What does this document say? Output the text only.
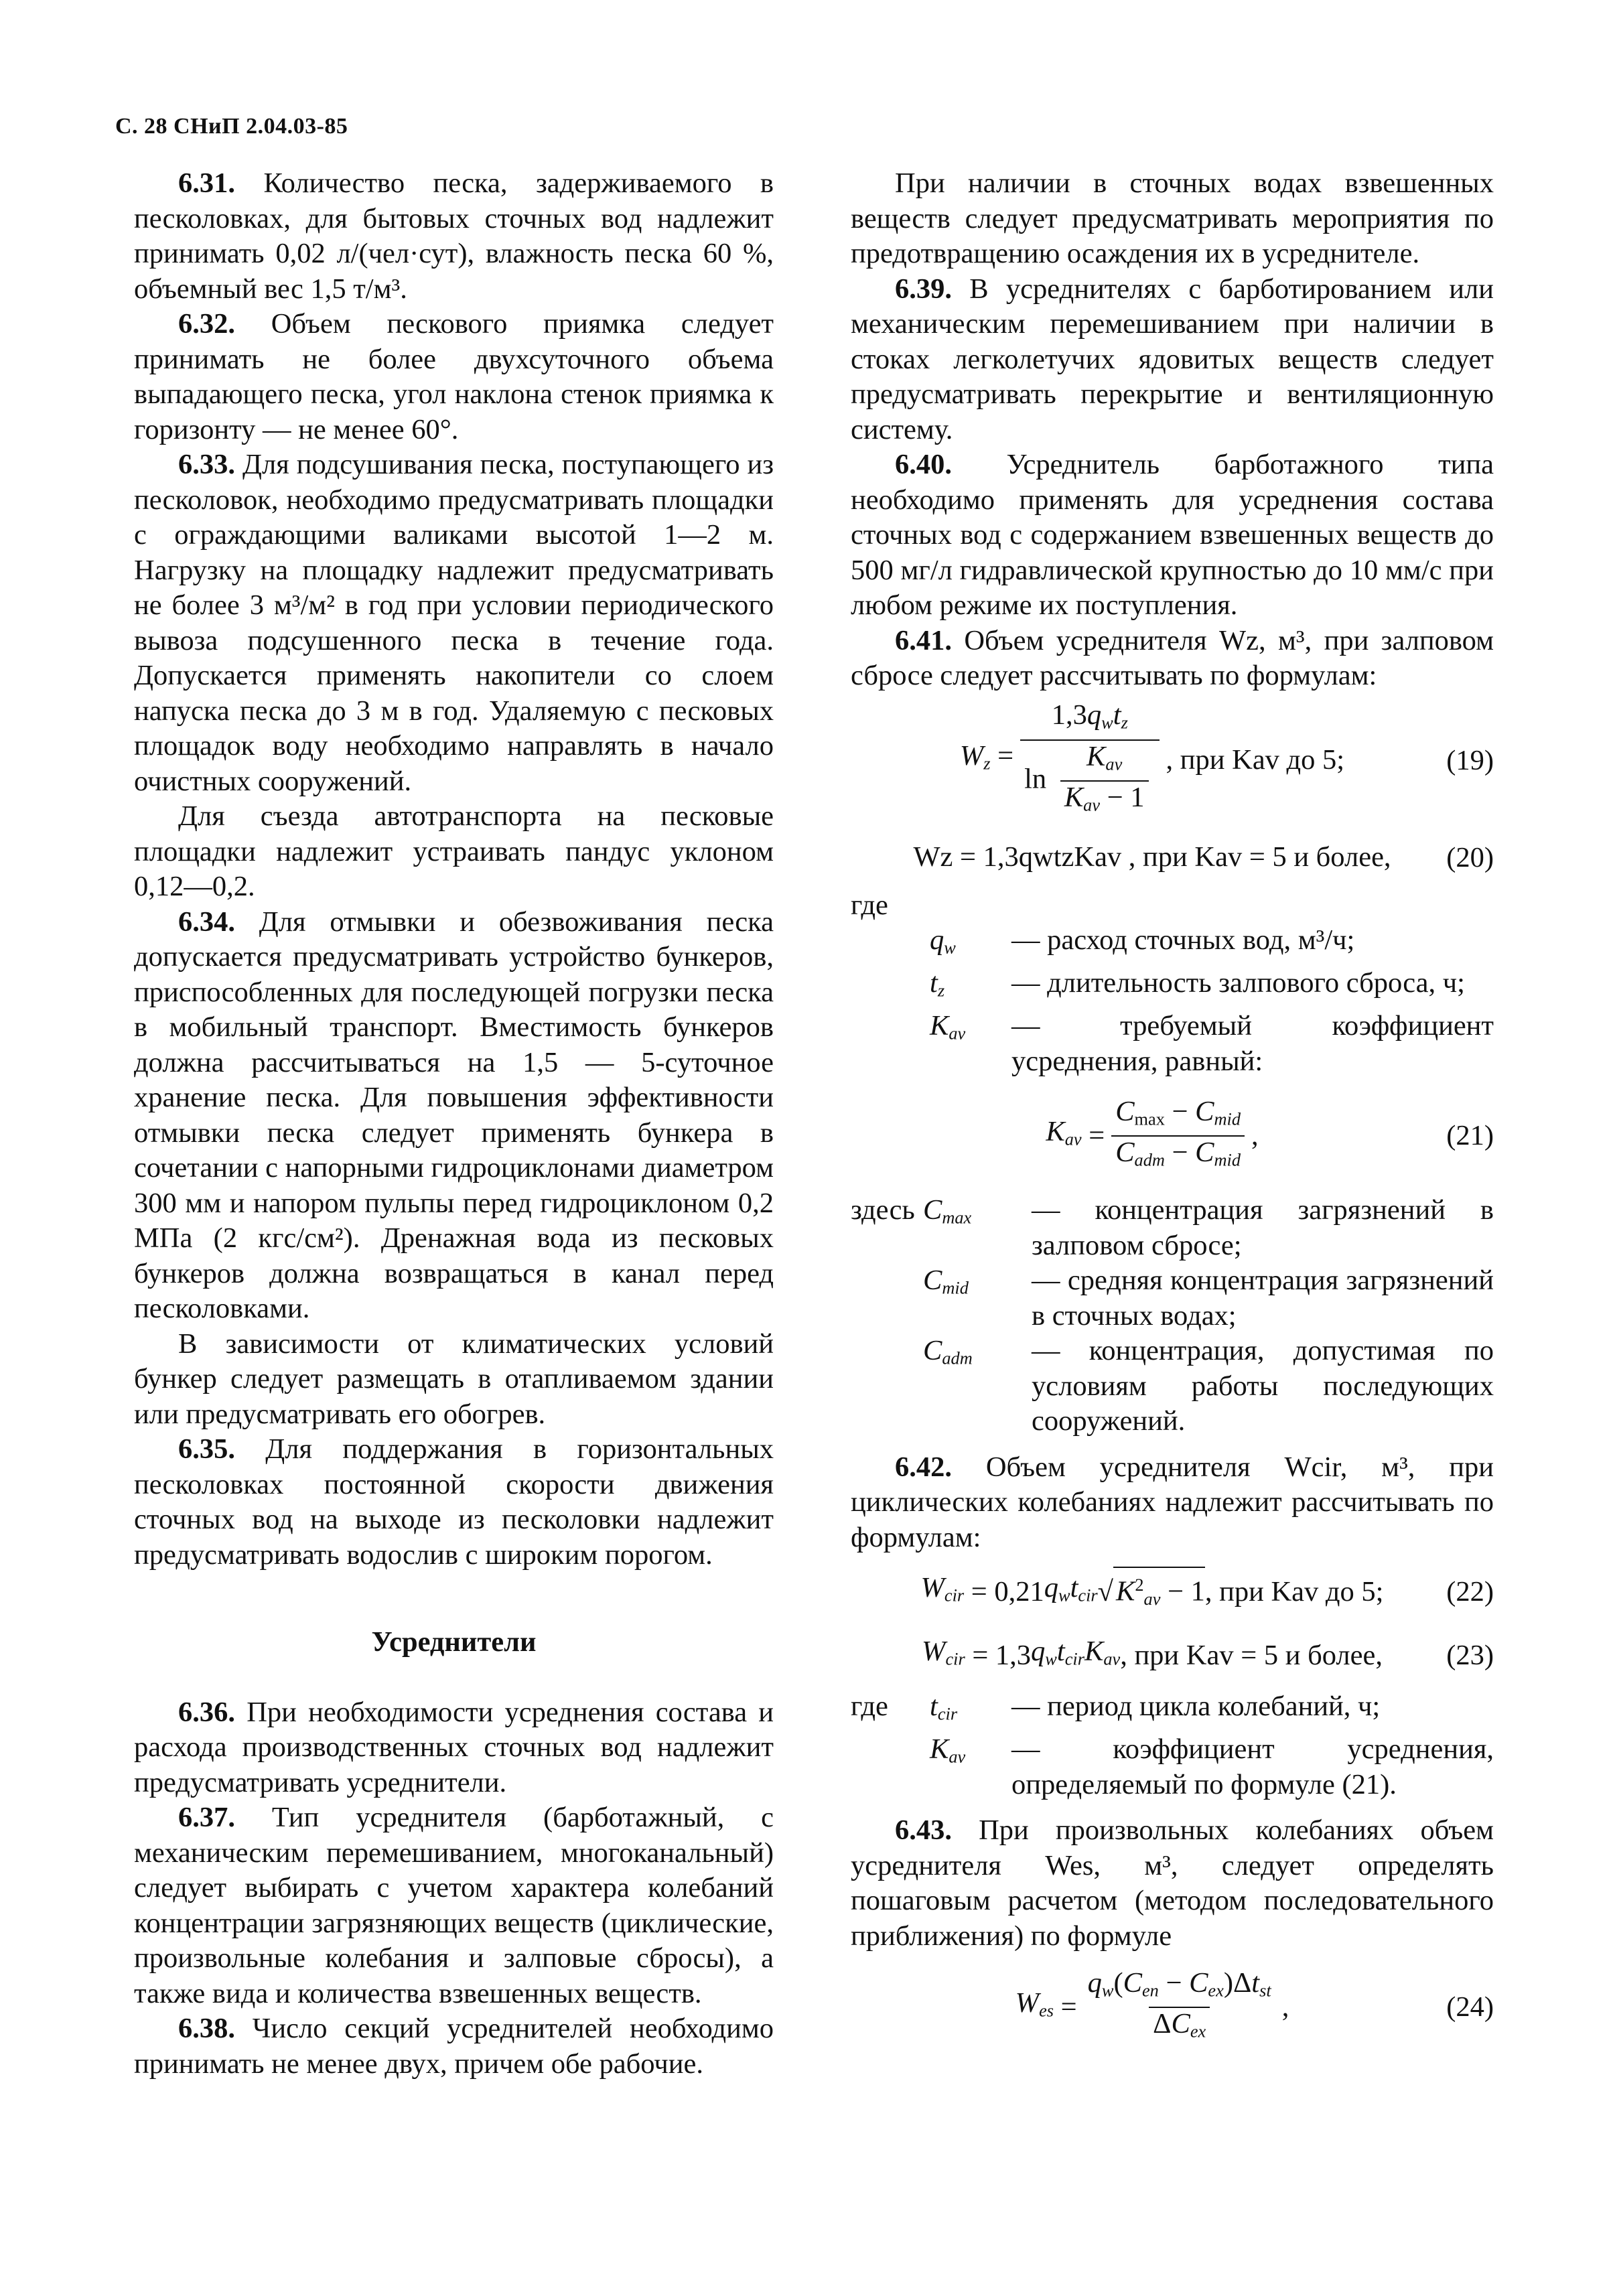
С. 28 СНиП 2.04.03-85

6.31. Количество песка, задерживаемого в песколовках, для бытовых сточных вод надлежит принимать 0,02 л/(чел·сут), влажность песка 60 %, объемный вес 1,5 т/м³.

6.32. Объем пескового приямка следует принимать не более двухсуточного объема выпадающего песка, угол наклона стенок приямка к горизонту — не менее 60°.

6.33. Для подсушивания песка, поступающего из песколовок, необходимо предусматривать площадки с ограждающими валиками высотой 1—2 м. Нагрузку на площадку надлежит предусматривать не более 3 м³/м² в год при условии периодического вывоза подсушенного песка в течение года. Допускается применять накопители со слоем напуска песка до 3 м в год. Удаляемую с песковых площадок воду необходимо направлять в начало очистных сооружений.

Для съезда автотранспорта на песковые площадки надлежит устраивать пандус уклоном 0,12—0,2.

6.34. Для отмывки и обезвоживания песка допускается предусматривать устройство бункеров, приспособленных для последующей погрузки песка в мобильный транспорт. Вместимость бункеров должна рассчитываться на 1,5 — 5-суточное хранение песка. Для повышения эффективности отмывки песка следует применять бункера в сочетании с напорными гидроциклонами диаметром 300 мм и напором пульпы перед гидроциклоном 0,2 МПа (2 кгс/см²). Дренажная вода из песковых бункеров должна возвращаться в канал перед песколовками.

В зависимости от климатических условий бункер следует размещать в отапливаемом здании или предусматривать его обогрев.

6.35. Для поддержания в горизонтальных песколовках постоянной скорости движения сточных вод на выходе из песколовки надлежит предусматривать водослив с широким порогом.

Усреднители

6.36. При необходимости усреднения состава и расхода производственных сточных вод надлежит предусматривать усреднители.

6.37. Тип усреднителя (барботажный, с механическим перемешиванием, многоканальный) следует выбирать с учетом характера колебаний концентрации загрязняющих веществ (циклические, произвольные колебания и залповые сбросы), а также вида и количества взвешенных веществ.

6.38. Число секций усреднителей необходимо принимать не менее двух, причем обе рабочие.

При наличии в сточных водах взвешенных веществ следует предусматривать мероприятия по предотвращению осаждения их в усреднителе.

6.39. В усреднителях с барботированием или механическим перемешиванием при наличии в стоках легколетучих ядовитых веществ следует предусматривать перекрытие и вентиляционную систему.

6.40. Усреднитель барботажного типа необходимо применять для усреднения состава сточных вод с содержанием взвешенных веществ до 500 мг/л гидравлической крупностью до 10 мм/с при любом режиме их поступления.

6.41. Объем усреднителя Wz, м³, при залповом сбросе следует рассчитывать по формулам:

$W_z = \frac{1,3q_wt_z}{\ln \frac{K_{av}}{K_{av} - 1}}$ , при Kav до 5;	(19)
Wz = 1,3qwtzKav , при Kav = 5 и более,	(20)
где
$q_w$	— расход сточных вод, м³/ч;
$t_z$	— длительность залпового сброса, ч;
$K_{av}$	— требуемый коэффициент усреднения, равный:
$K_{av} = \frac{C_{max} - C_{mid}}{C_{adm} - C_{mid}}$ ,	(21)
здесь $C_{max}$	— концентрация загрязнений в залповом сбросе;
$C_{mid}$	— средняя концентрация загрязнений в сточных водах;
$C_{adm}$	— концентрация, допустимая по условиям работы последующих сооружений.

6.42. Объем усреднителя Wcir, м³, при циклических колебаниях надлежит рассчитывать по формулам:

$W_{cir} = 0,21$ $q_wt_{cir}$ √ $K^2_{av} - 1$ , при Kav до 5; (22)
$W_{cir} = 1,3$ $q_wt_{cir}K_{av}$ , при Kav = 5 и более, (23)
где	$t_{cir}$	— период цикла колебаний, ч;
$K_{av}$	— коэффициент усреднения, определяемый по формуле (21).

6.43. При произвольных колебаниях объем усреднителя Wes, м³, следует определять пошаговым расчетом (методом последовательного приближения) по формуле

$W_{es} = \frac{q_w(C_{en} - C_{ex})\Delta t_{st}}{\Delta C_{ex}}$ ,	(24)
